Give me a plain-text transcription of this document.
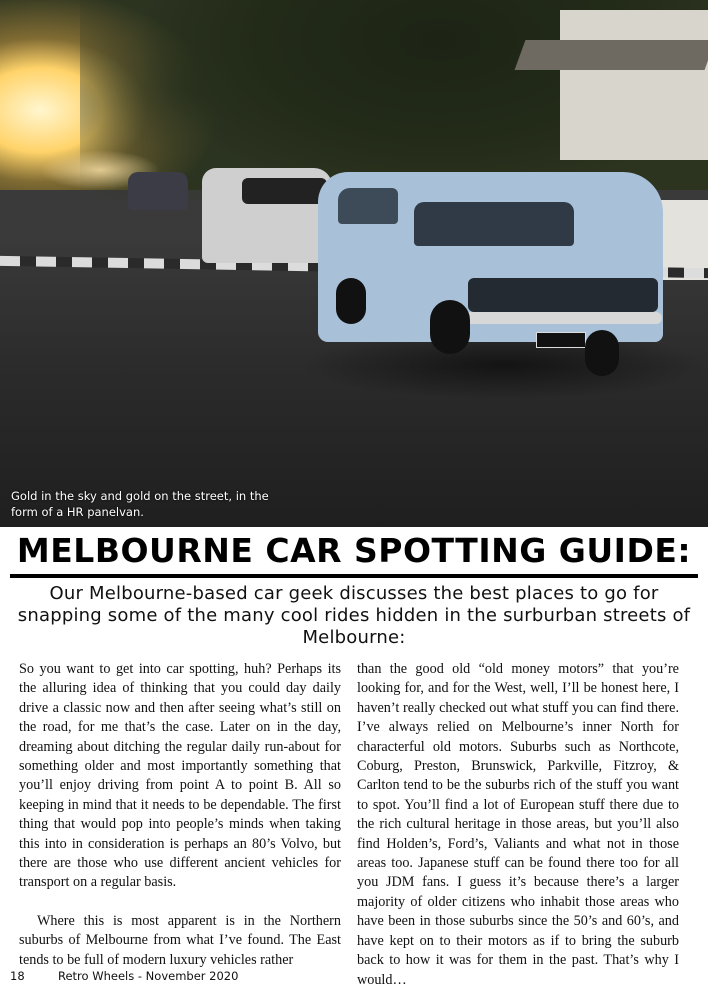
Gold in the sky and gold on the street, in the form of a HR panelvan.
MELBOURNE CAR SPOTTING GUIDE:
Our Melbourne-based car geek discusses the best places to go for snapping some of the many cool rides hidden in the surburban streets of Melbourne:

So you want to get into car spotting, huh? Perhaps its the alluring idea of thinking that you could day daily drive a classic now and then after seeing what’s still on the road, for me that’s the case. Later on in the day, dreaming about ditching the regular daily run-about for something older and most importantly something that you’ll enjoy driving from point A to point B. All so keeping in mind that it needs to be dependable. The first thing that would pop into people’s minds when taking this into in consideration is perhaps an 80’s Volvo, but there are those who use different ancient vehicles for transport on a regular basis.

Where this is most apparent is in the Northern suburbs of Melbourne from what I’ve found. The East tends to be full of modern luxury vehicles rather

than the good old “old money motors” that you’re looking for, and for the West, well, I’ll be honest here, I haven’t really checked out what stuff you can find there. I’ve always relied on Melbourne’s inner North for characterful old motors. Suburbs such as Northcote, Coburg, Preston, Brunswick, Parkville, Fitzroy, & Carlton tend to be the suburbs rich of the stuff you want to spot. You’ll find a lot of European stuff there due to the rich cultural heritage in those areas, but you’ll also find Holden’s, Ford’s, Valiants and what not in those areas too. Japanese stuff can be found there too for all you JDM fans. I guess it’s because there’s a larger majority of older citizens who inhabit those areas who have been in those suburbs since the 50’s and 60’s, and have kept on to their motors as if to bring the suburb back to how it was for them in the past. That’s why I would…

18	Retro Wheels - November 2020
